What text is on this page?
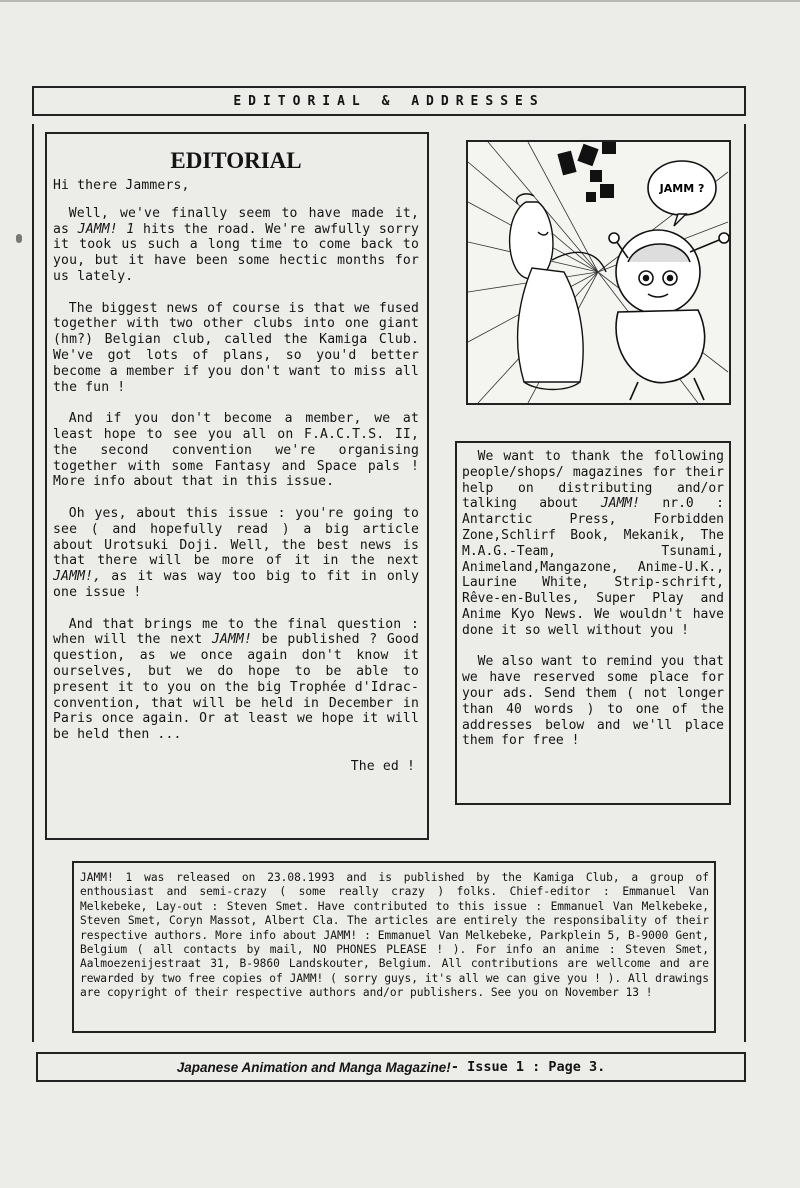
EDITORIAL & ADDRESSES
EDITORIAL

Hi there Jammers,

Well, we've finally seem to have made it, as JAMM! 1 hits the road. We're awfully sorry it took us such a long time to come back to you, but it have been some hectic months for us lately.

The biggest news of course is that we fused together with two other clubs into one giant (hm?) Belgian club, called the Kamiga Club. We've got lots of plans, so you'd better become a member if you don't want to miss all the fun !

And if you don't become a member, we at least hope to see you all on F.A.C.T.S. II, the second convention we're organising together with some Fantasy and Space pals ! More info about that in this issue.

Oh yes, about this issue : you're going to see ( and hopefully read ) a big article about Urotsuki Doji. Well, the best news is that there will be more of it in the next JAMM!, as it was way too big to fit in only one issue !

And that brings me to the final question : when will the next JAMM! be published ? Good question, as we once again don't know it ourselves, but we do hope to be able to present it to you on the big Trophée d'Idrac-convention, that will be held in December in Paris once again. Or at least we hope it will be held then ...

The ed !

JAMM ?

We want to thank the following people/shops/ magazines for their help on distributing and/or talking about JAMM! nr.0 : Antarctic Press, Forbidden Zone,Schlirf Book, Mekanik, The M.A.G.-Team, Tsunami, Animeland,Mangazone, Anime-U.K., Laurine White, Strip-schrift, Rêve-en-Bulles, Super Play and Anime Kyo News. We wouldn't have done it so well without you !

We also want to remind you that we have reserved some place for your ads. Send them ( not longer than 40 words ) to one of the addresses below and we'll place them for free !

JAMM! 1 was released on 23.08.1993 and is published by the Kamiga Club, a group of enthousiast and semi-crazy ( some really crazy ) folks. Chief-editor : Emmanuel Van Melkebeke, Lay-out : Steven Smet. Have contributed to this issue : Emmanuel Van Melkebeke, Steven Smet, Coryn Massot, Albert Cla. The articles are entirely the responsibality of their respective authors. More info about JAMM! : Emmanuel Van Melkebeke, Parkplein 5, B-9000 Gent, Belgium ( all contacts by mail, NO PHONES PLEASE ! ). For info an anime : Steven Smet, Aalmoezenijestraat 31, B-9860 Landskouter, Belgium. All contributions are wellcome and are rewarded by two free copies of JAMM! ( sorry guys, it's all we can give you ! ). All drawings are copyright of their respective authors and/or publishers. See you on November 13 !
Japanese Animation and Manga Magazine! - Issue 1 : Page 3.
